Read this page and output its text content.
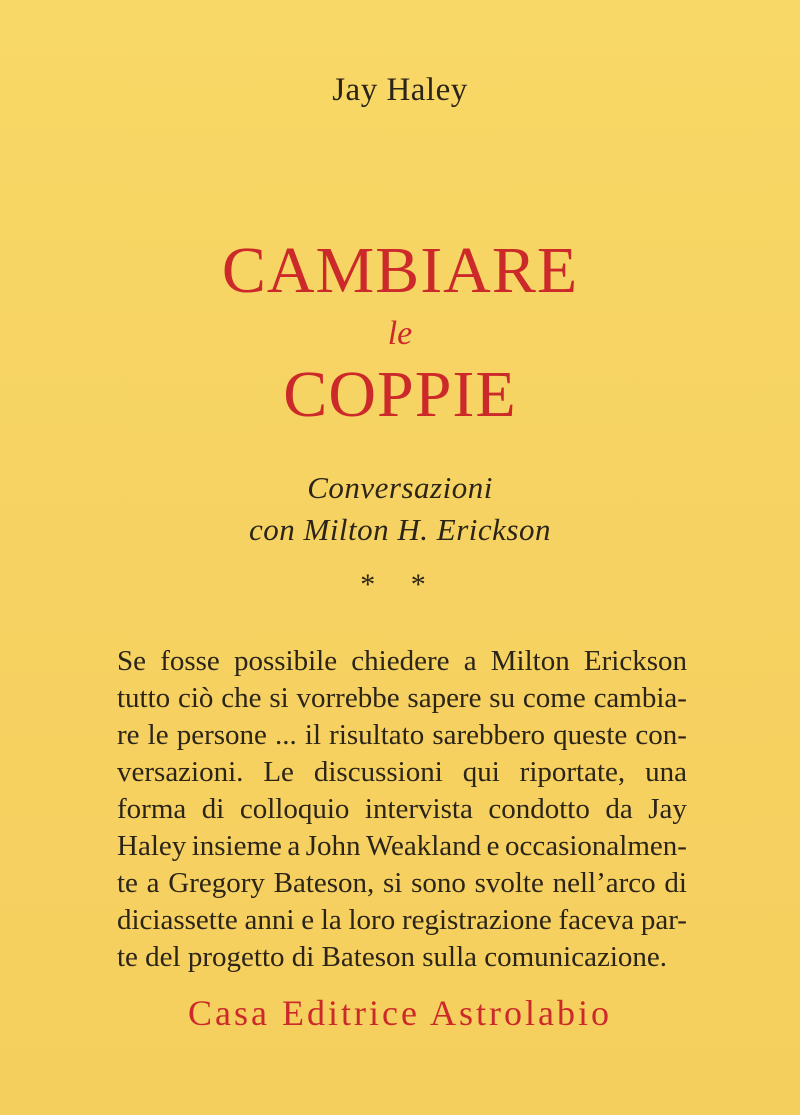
Jay Haley
CAMBIARE
le
COPPIE
Conversazioni
con Milton H. Erickson
* *
Se fosse possibile chiedere a Milton Erickson
tutto ciò che si vorrebbe sapere su come cambia-
re le persone ... il risultato sarebbero queste con-
versazioni. Le discussioni qui riportate, una
forma di colloquio intervista condotto da Jay
Haley insieme a John Weakland e occasionalmen-
te a Gregory Bateson, si sono svolte nell’arco di
diciassette anni e la loro registrazione faceva par-
te del progetto di Bateson sulla comunicazione.
Casa Editrice Astrolabio
